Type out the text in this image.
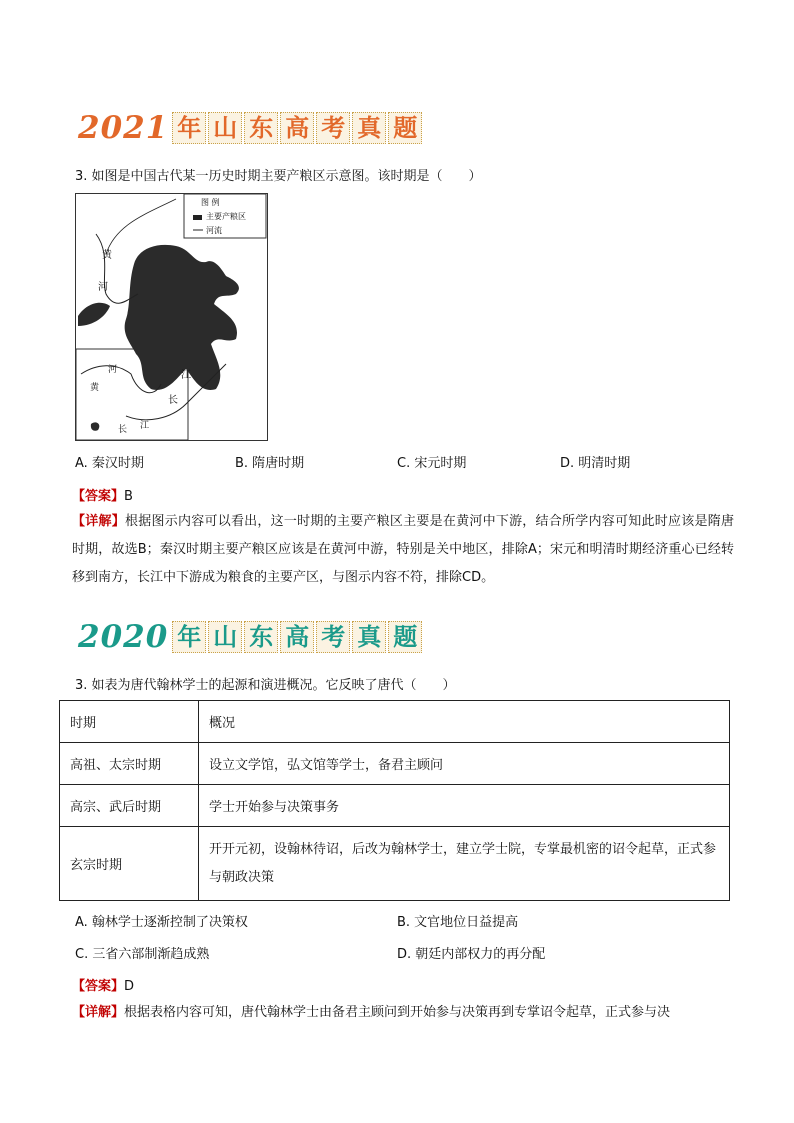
2021 年 山 东 高 考 真 题
3. 如图是中国古代某一历史时期主要产粮区示意图。该时期是（　　）
图 例
主要产粮区
河流
黄
河
河
黄
江
长
长 江
A. 秦汉时期	B. 隋唐时期	C. 宋元时期	D. 明清时期
【答案】B
【详解】根据图示内容可以看出，这一时期的主要产粮区主要是在黄河中下游，结合所学内容可知此时应该是隋唐时期，故选B；秦汉时期主要产粮区应该是在黄河中游，特别是关中地区，排除A；宋元和明清时期经济重心已经转移到南方，长江中下游成为粮食的主要产区，与图示内容不符，排除CD。
2020 年 山 东 高 考 真 题
3. 如表为唐代翰林学士的起源和演进概况。它反映了唐代（　　）
时期	概况
高祖、太宗时期	设立文学馆，弘文馆等学士，备君主顾问
高宗、武后时期	学士开始参与决策事务
玄宗时期	开开元初，设翰林待诏，后改为翰林学士，建立学士院，专掌最机密的诏令起草，正式参与朝政决策
A. 翰林学士逐渐控制了决策权	B. 文官地位日益提高
C. 三省六部制渐趋成熟	D. 朝廷内部权力的再分配
【答案】D
【详解】根据表格内容可知，唐代翰林学士由备君主顾问到开始参与决策再到专掌诏令起草，正式参与决
